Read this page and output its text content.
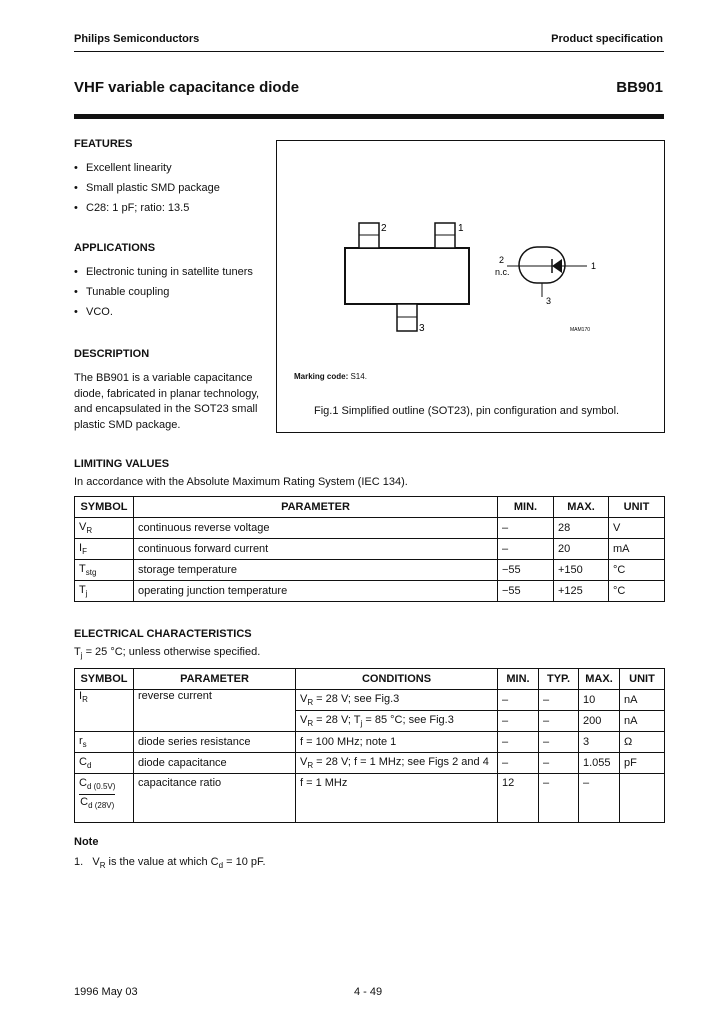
Philips Semiconductors	Product specification
VHF variable capacitance diode	BB901
FEATURES
• Excellent linearity
• Small plastic SMD package
• C28: 1 pF; ratio: 13.5
APPLICATIONS
• Electronic tuning in satellite tuners
• Tunable coupling
• VCO.
DESCRIPTION
The BB901 is a variable capacitance diode, fabricated in planar technology, and encapsulated in the SOT23 small plastic SMD package.
2	1
3
2
n.c.
1
3
MAM170
Marking code: S14.
Fig.1 Simplified outline (SOT23), pin configuration and symbol.
LIMITING VALUES
In accordance with the Absolute Maximum Rating System (IEC 134).
SYMBOL	PARAMETER	MIN.	MAX.	UNIT
$V_R$	continuous reverse voltage	–	28	V
$I_F$	continuous forward current	–	20	mA
$T_{stg}$	storage temperature	−55	+150	°C
$T_j$	operating junction temperature	−55	+125	°C
ELECTRICAL CHARACTERISTICS
$T_j = 25$ °C; unless otherwise specified.
SYMBOL	PARAMETER	CONDITIONS	MIN.	TYP.	MAX.	UNIT
$I_R$	reverse current	$V_R = 28$ V; see Fig.3	–	–	10	nA
		$V_R = 28$ V; $T_j = 85$ °C; see Fig.3	–	–	200	nA
$r_s$	diode series resistance	f = 100 MHz; note 1	–	–	3	Ω
$C_d$	diode capacitance	$V_R = 28$ V; f = 1 MHz; see Figs 2 and 4	–	–	1.055	pF

$\frac{C_{d (0.5V)}}{C_{d (28V)}}$	capacitance ratio	f = 1 MHz	12	–	–	
Note
1. $V_R$ is the value at which $C_d = 10$ pF.
1996 May 03	4 - 49
